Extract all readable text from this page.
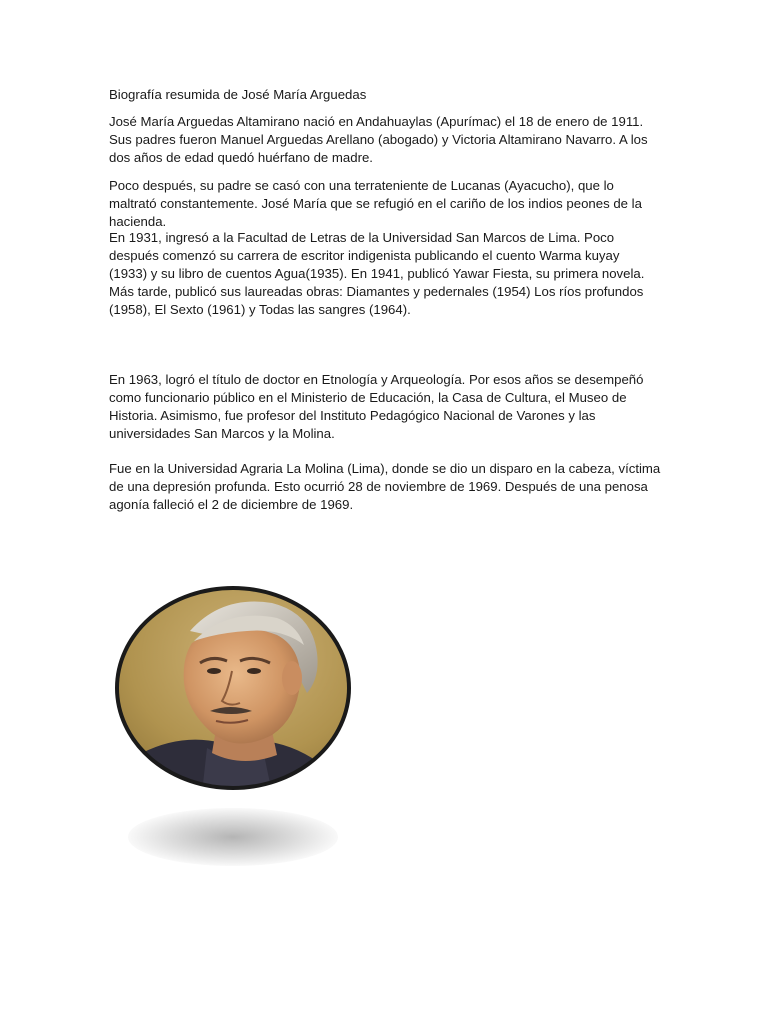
Biografía resumida de José María Arguedas

José María Arguedas Altamirano nació en Andahuaylas (Apurímac) el 18 de enero de 1911. Sus padres fueron Manuel Arguedas Arellano (abogado) y Victoria Altamirano Navarro. A los dos años de edad quedó huérfano de madre.

Poco después, su padre se casó con una terrateniente de Lucanas (Ayacucho), que lo maltrató constantemente. José María que se refugió en el cariño de los indios peones de la hacienda.

En 1931, ingresó a la Facultad de Letras de la Universidad San Marcos de Lima. Poco después comenzó su carrera de escritor indigenista publicando el cuento Warma kuyay (1933) y su libro de cuentos Agua(1935). En 1941, publicó Yawar Fiesta, su primera novela. Más tarde, publicó sus laureadas obras: Diamantes y pedernales (1954) Los ríos profundos (1958), El Sexto (1961) y Todas las sangres (1964).

En 1963, logró el título de doctor en Etnología y Arqueología. Por esos años se desempeñó como funcionario público en el Ministerio de Educación, la Casa de Cultura, el Museo de Historia. Asimismo, fue profesor del Instituto Pedagógico Nacional de Varones y las universidades San Marcos y la Molina.

Fue en la Universidad Agraria La Molina (Lima), donde se dio un disparo en la cabeza, víctima de una depresión profunda. Esto ocurrió 28 de noviembre de 1969. Después de una penosa agonía falleció el 2 de diciembre de 1969.
